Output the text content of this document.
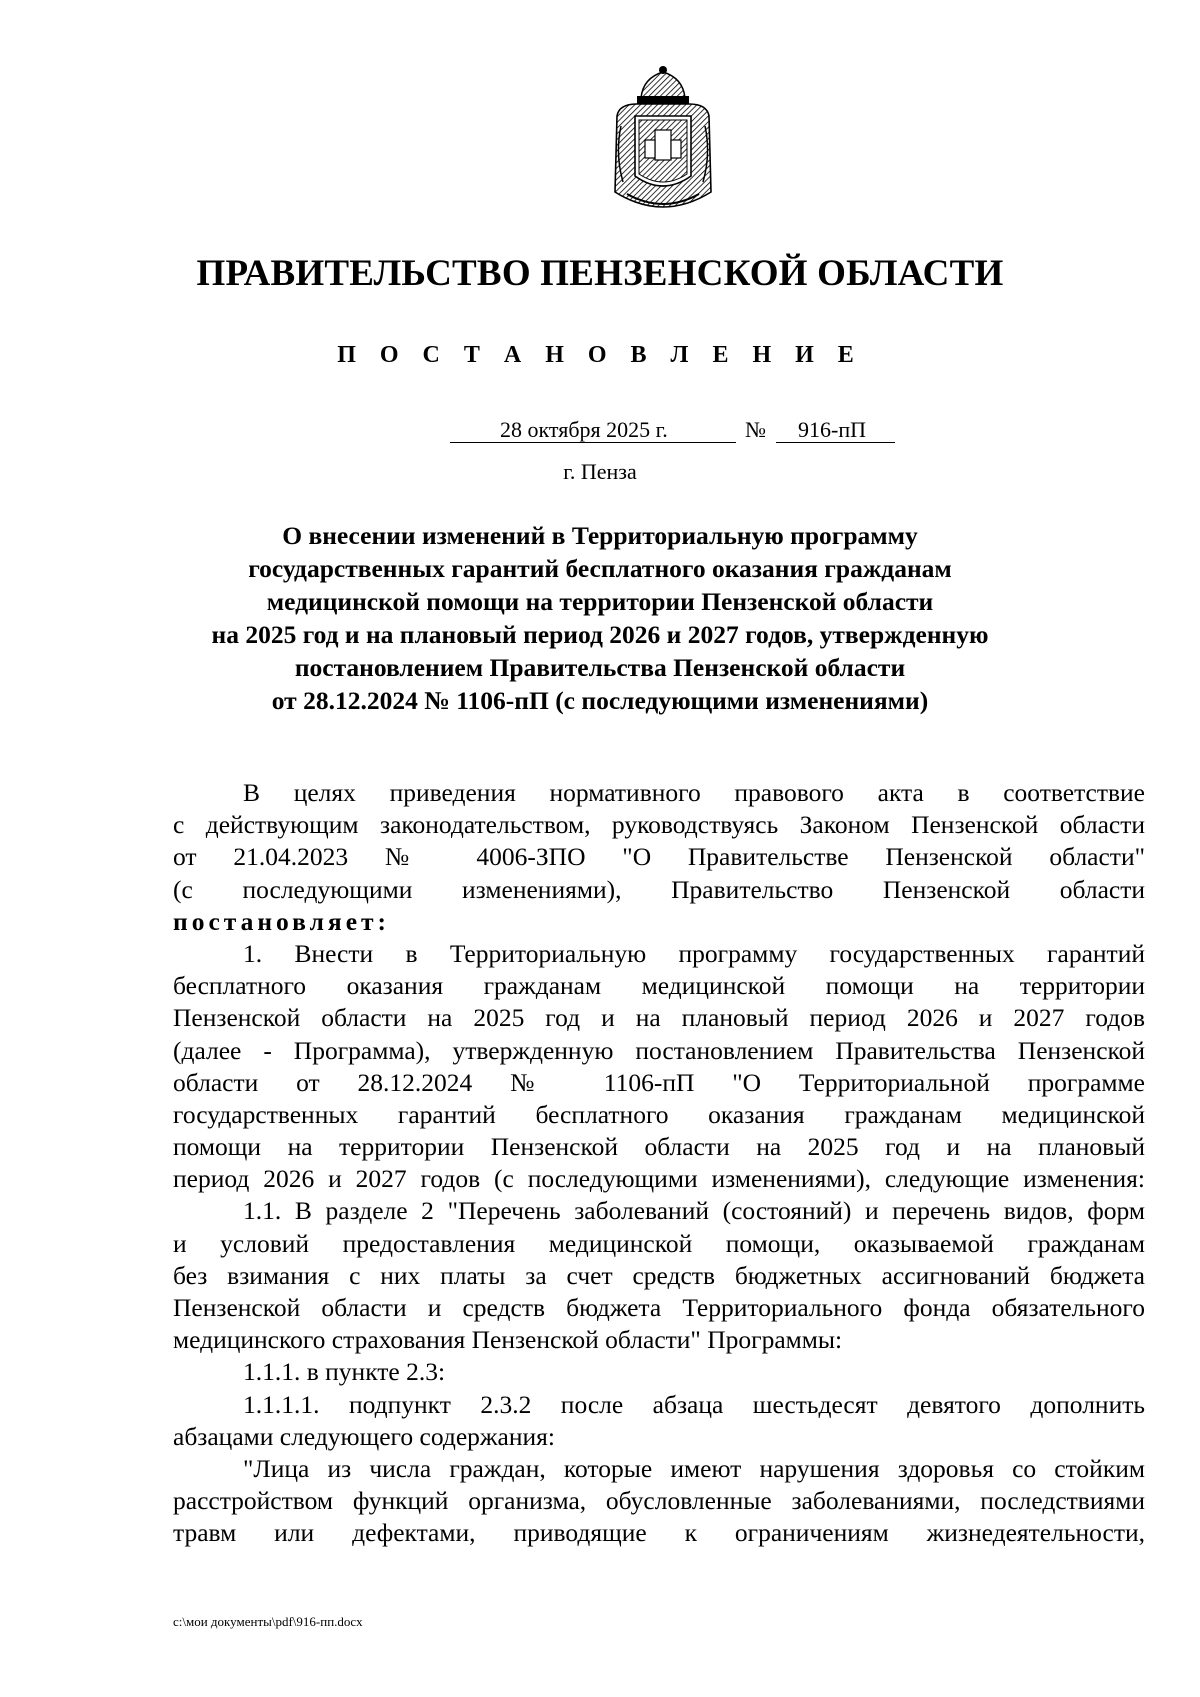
ПРАВИТЕЛЬСТВО ПЕНЗЕНСКОЙ ОБЛАСТИ
П О С Т А Н О В Л Е Н И Е
28 октября 2025 г.	№ 916-пП
г. Пенза
О внесении изменений в Территориальную программу
государственных гарантий бесплатного оказания гражданам
медицинской помощи на территории Пензенской области
на 2025 год и на плановый период 2026 и 2027 годов, утвержденную
постановлением Правительства Пензенской области
от 28.12.2024 № 1106-пП (с последующими изменениями)
В целях приведения нормативного правового акта в соответствие
с действующим законодательством, руководствуясь Законом Пензенской области
от 21.04.2023 № 4006-ЗПО "О Правительстве Пензенской области"
(с последующими изменениями), Правительство Пензенской области
постановляет:
1. Внести в Территориальную программу государственных гарантий
бесплатного оказания гражданам медицинской помощи на территории
Пензенской области на 2025 год и на плановый период 2026 и 2027 годов
(далее - Программа), утвержденную постановлением Правительства Пензенской
области от 28.12.2024 № 1106-пП "О Территориальной программе
государственных гарантий бесплатного оказания гражданам медицинской
помощи на территории Пензенской области на 2025 год и на плановый
период 2026 и 2027 годов (с последующими изменениями), следующие изменения:
1.1. В разделе 2 "Перечень заболеваний (состояний) и перечень видов, форм
и условий предоставления медицинской помощи, оказываемой гражданам
без взимания с них платы за счет средств бюджетных ассигнований бюджета
Пензенской области и средств бюджета Территориального фонда обязательного
медицинского страхования Пензенской области" Программы:
1.1.1. в пункте 2.3:
1.1.1.1. подпункт 2.3.2 после абзаца шестьдесят девятого дополнить
абзацами следующего содержания:
"Лица из числа граждан, которые имеют нарушения здоровья со стойким
расстройством функций организма, обусловленные заболеваниями, последствиями
травм или дефектами, приводящие к ограничениям жизнедеятельности,
c:\мои документы\pdf\916-пп.docx
